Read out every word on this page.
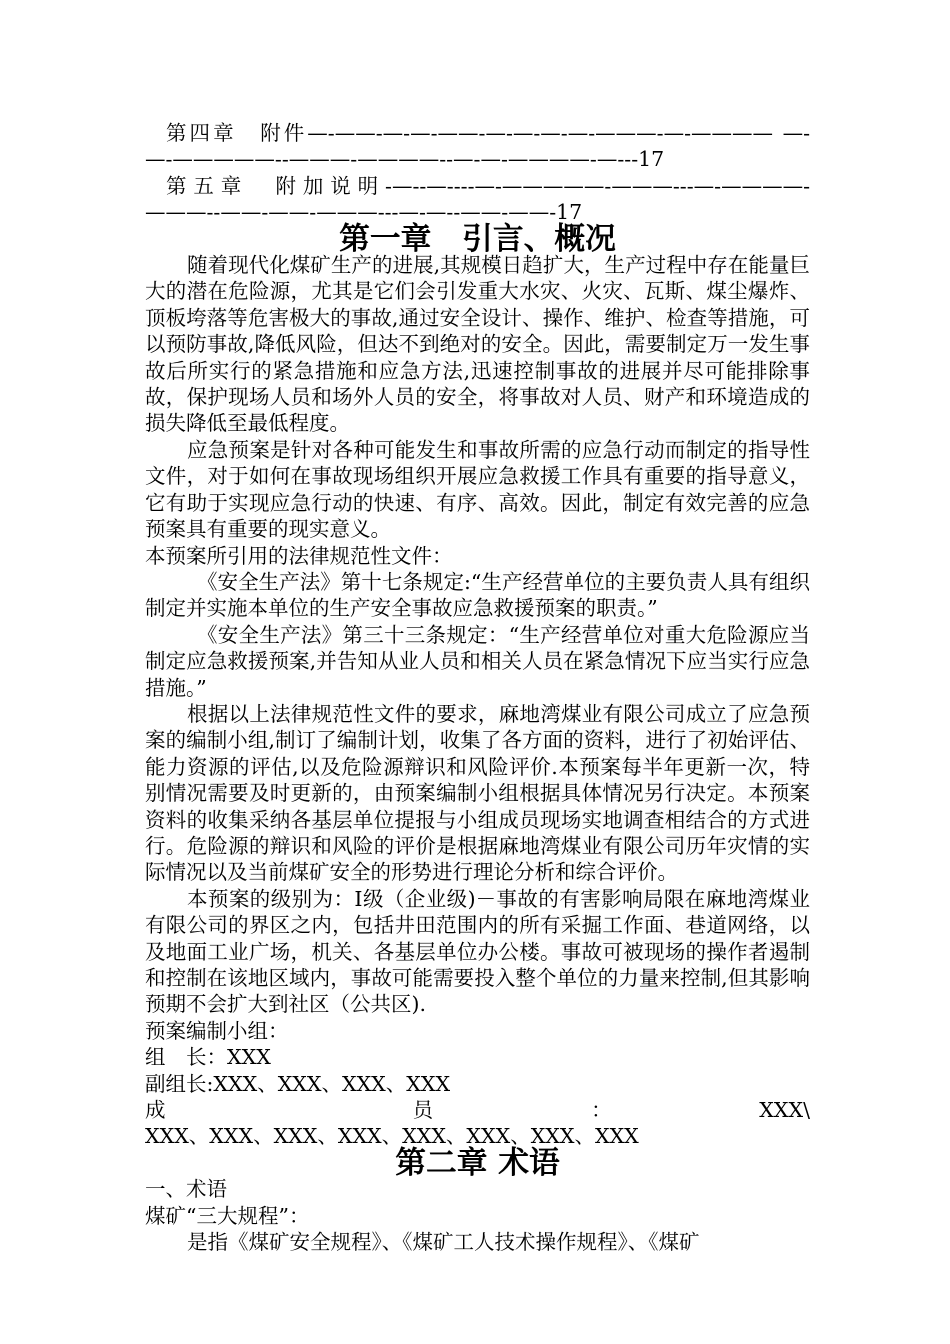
第四章　附件—-——-—-—-——-—-—-—-—-———-—-———— —-—-—————--———-————--—-—-————-—---17

第五章　附加说明-—--—----—-—————-———---—-————-———--——-——-———---—-—--——-——-17

第一章　引言、概况

随着现代化煤矿生产的进展,其规模日趋扩大，生产过程中存在能量巨大的潜在危险源，尤其是它们会引发重大水灾、火灾、瓦斯、煤尘爆炸、顶板垮落等危害极大的事故,通过安全设计、操作、维护、检查等措施，可以预防事故,降低风险，但达不到绝对的安全。因此，需要制定万一发生事故后所实行的紧急措施和应急方法,迅速控制事故的进展并尽可能排除事故，保护现场人员和场外人员的安全，将事故对人员、财产和环境造成的损失降低至最低程度。

应急预案是针对各种可能发生和事故所需的应急行动而制定的指导性文件，对于如何在事故现场组织开展应急救援工作具有重要的指导意义，它有助于实现应急行动的快速、有序、高效。因此，制定有效完善的应急预案具有重要的现实意义。

本预案所引用的法律规范性文件：

《安全生产法》第十七条规定:“生产经营单位的主要负责人具有组织制定并实施本单位的生产安全事故应急救援预案的职责。”

《安全生产法》第三十三条规定：“生产经营单位对重大危险源应当制定应急救援预案,并告知从业人员和相关人员在紧急情况下应当实行应急措施。”

根据以上法律规范性文件的要求，麻地湾煤业有限公司成立了应急预案的编制小组,制订了编制计划，收集了各方面的资料，进行了初始评估、能力资源的评估,以及危险源辩识和风险评价.本预案每半年更新一次，特别情况需要及时更新的，由预案编制小组根据具体情况另行决定。本预案资料的收集采纳各基层单位提报与小组成员现场实地调查相结合的方式进行。危险源的辩识和风险的评价是根据麻地湾煤业有限公司历年灾情的实际情况以及当前煤矿安全的形势进行理论分析和综合评价。

本预案的级别为：Ⅰ级（企业级)－事故的有害影响局限在麻地湾煤业有限公司的界区之内，包括井田范围内的所有采掘工作面、巷道网络，以及地面工业广场，机关、各基层单位办公楼。事故可被现场的操作者遏制和控制在该地区域内，事故可能需要投入整个单位的力量来控制,但其影响预期不会扩大到社区（公共区).

预案编制小组：

组　长：XXX

副组长:XXX、XXX、XXX、XXX

成　　员　：　XXX\

XXX、XXX、XXX、XXX、XXX、XXX、XXX、XXX

第二章 术语

一、术语

煤矿“三大规程”：

是指《煤矿安全规程》、《煤矿工人技术操作规程》、《煤矿
